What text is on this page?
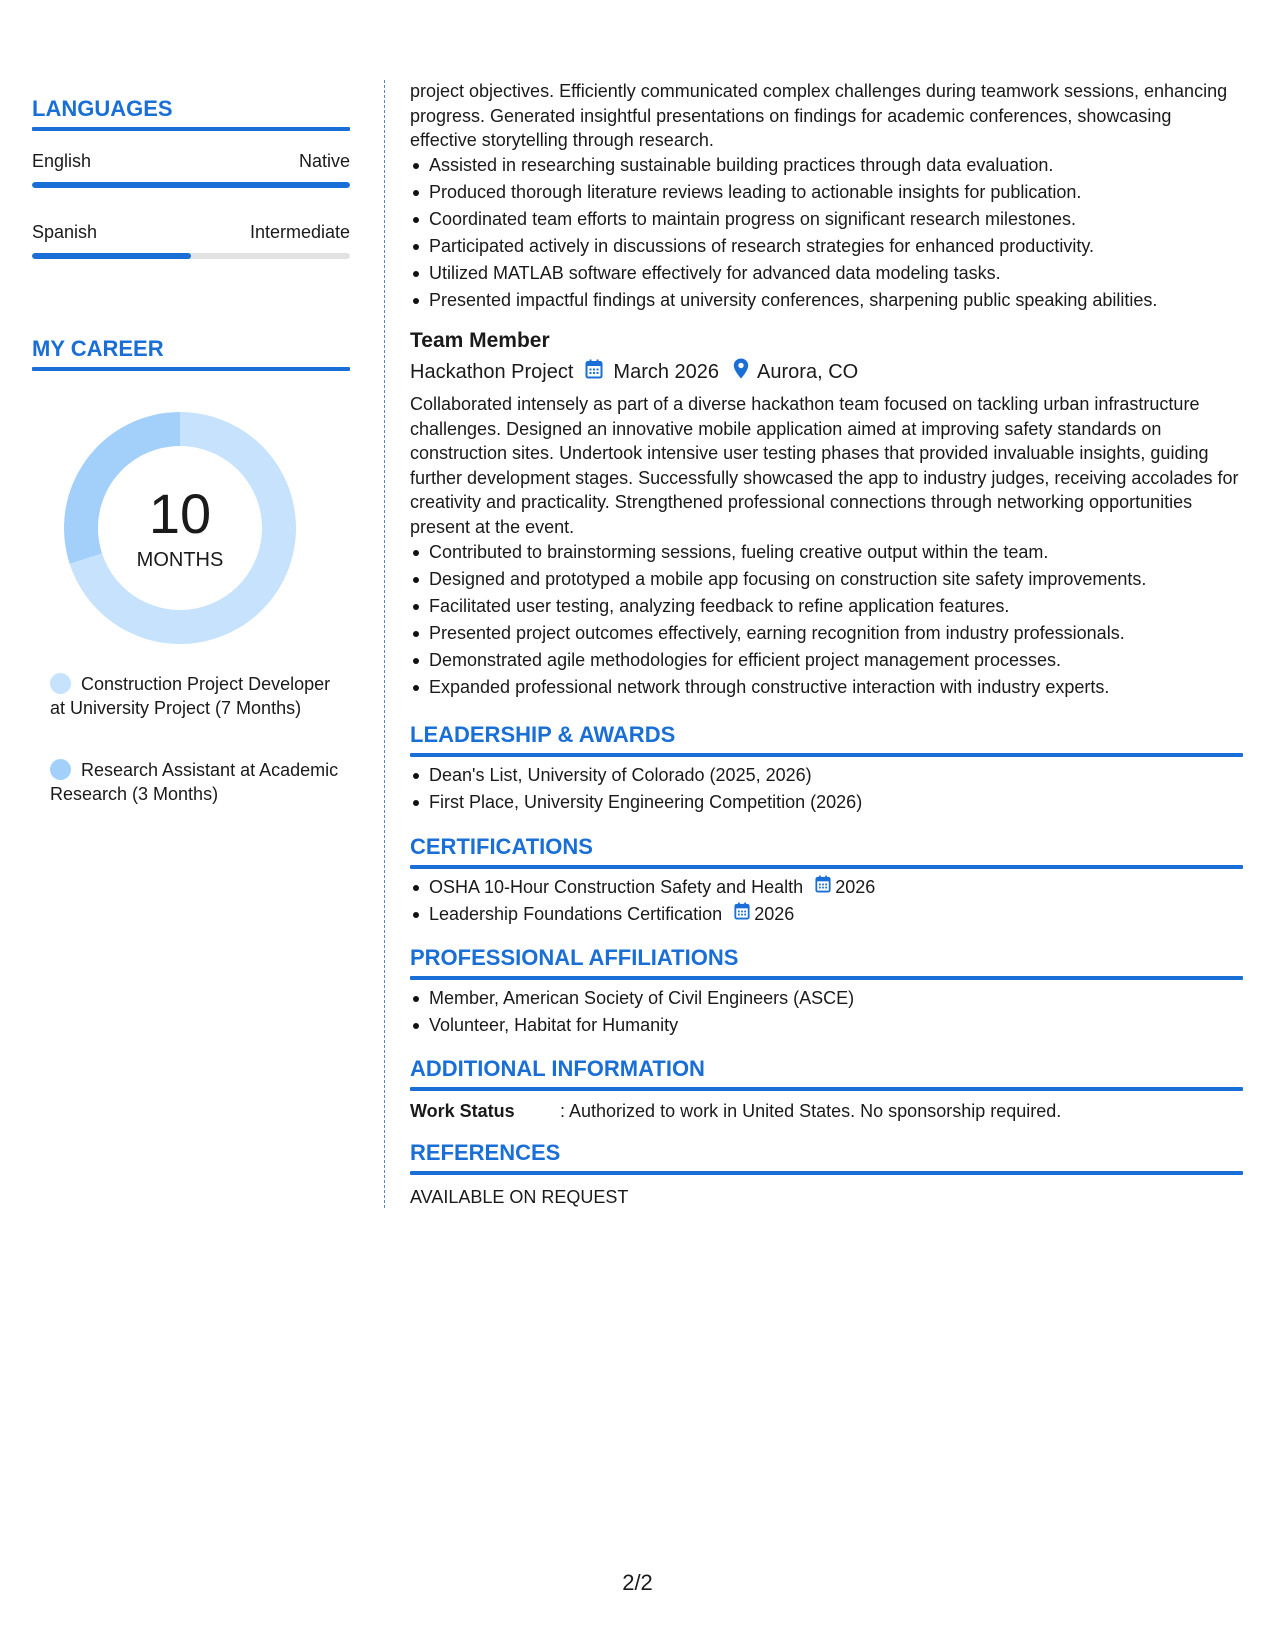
LANGUAGES
English	Native
Spanish	Intermediate
MY CAREER
10
MONTHS
Construction Project Developer at University Project (7 Months)
Research Assistant at Academic Research (3 Months)
project objectives. Efficiently communicated complex challenges during teamwork sessions, enhancing progress. Generated insightful presentations on findings for academic conferences, showcasing effective storytelling through research.
Assisted in researching sustainable building practices through data evaluation.
Produced thorough literature reviews leading to actionable insights for publication.
Coordinated team efforts to maintain progress on significant research milestones.
Participated actively in discussions of research strategies for enhanced productivity.
Utilized MATLAB software effectively for advanced data modeling tasks.
Presented impactful findings at university conferences, sharpening public speaking abilities.
Team Member
Hackathon Project March 2026 Aurora, CO
Collaborated intensely as part of a diverse hackathon team focused on tackling urban infrastructure challenges. Designed an innovative mobile application aimed at improving safety standards on construction sites. Undertook intensive user testing phases that provided invaluable insights, guiding further development stages. Successfully showcased the app to industry judges, receiving accolades for creativity and practicality. Strengthened professional connections through networking opportunities present at the event.
Contributed to brainstorming sessions, fueling creative output within the team.
Designed and prototyped a mobile app focusing on construction site safety improvements.
Facilitated user testing, analyzing feedback to refine application features.
Presented project outcomes effectively, earning recognition from industry professionals.
Demonstrated agile methodologies for efficient project management processes.
Expanded professional network through constructive interaction with industry experts.
LEADERSHIP & AWARDS
Dean's List, University of Colorado (2025, 2026)
First Place, University Engineering Competition (2026)
CERTIFICATIONS
OSHA 10-Hour Construction Safety and Health 2026
Leadership Foundations Certification 2026
PROFESSIONAL AFFILIATIONS
Member, American Society of Civil Engineers (ASCE)
Volunteer, Habitat for Humanity
ADDITIONAL INFORMATION
Work Status	: Authorized to work in United States. No sponsorship required.
REFERENCES
AVAILABLE ON REQUEST
2/2
